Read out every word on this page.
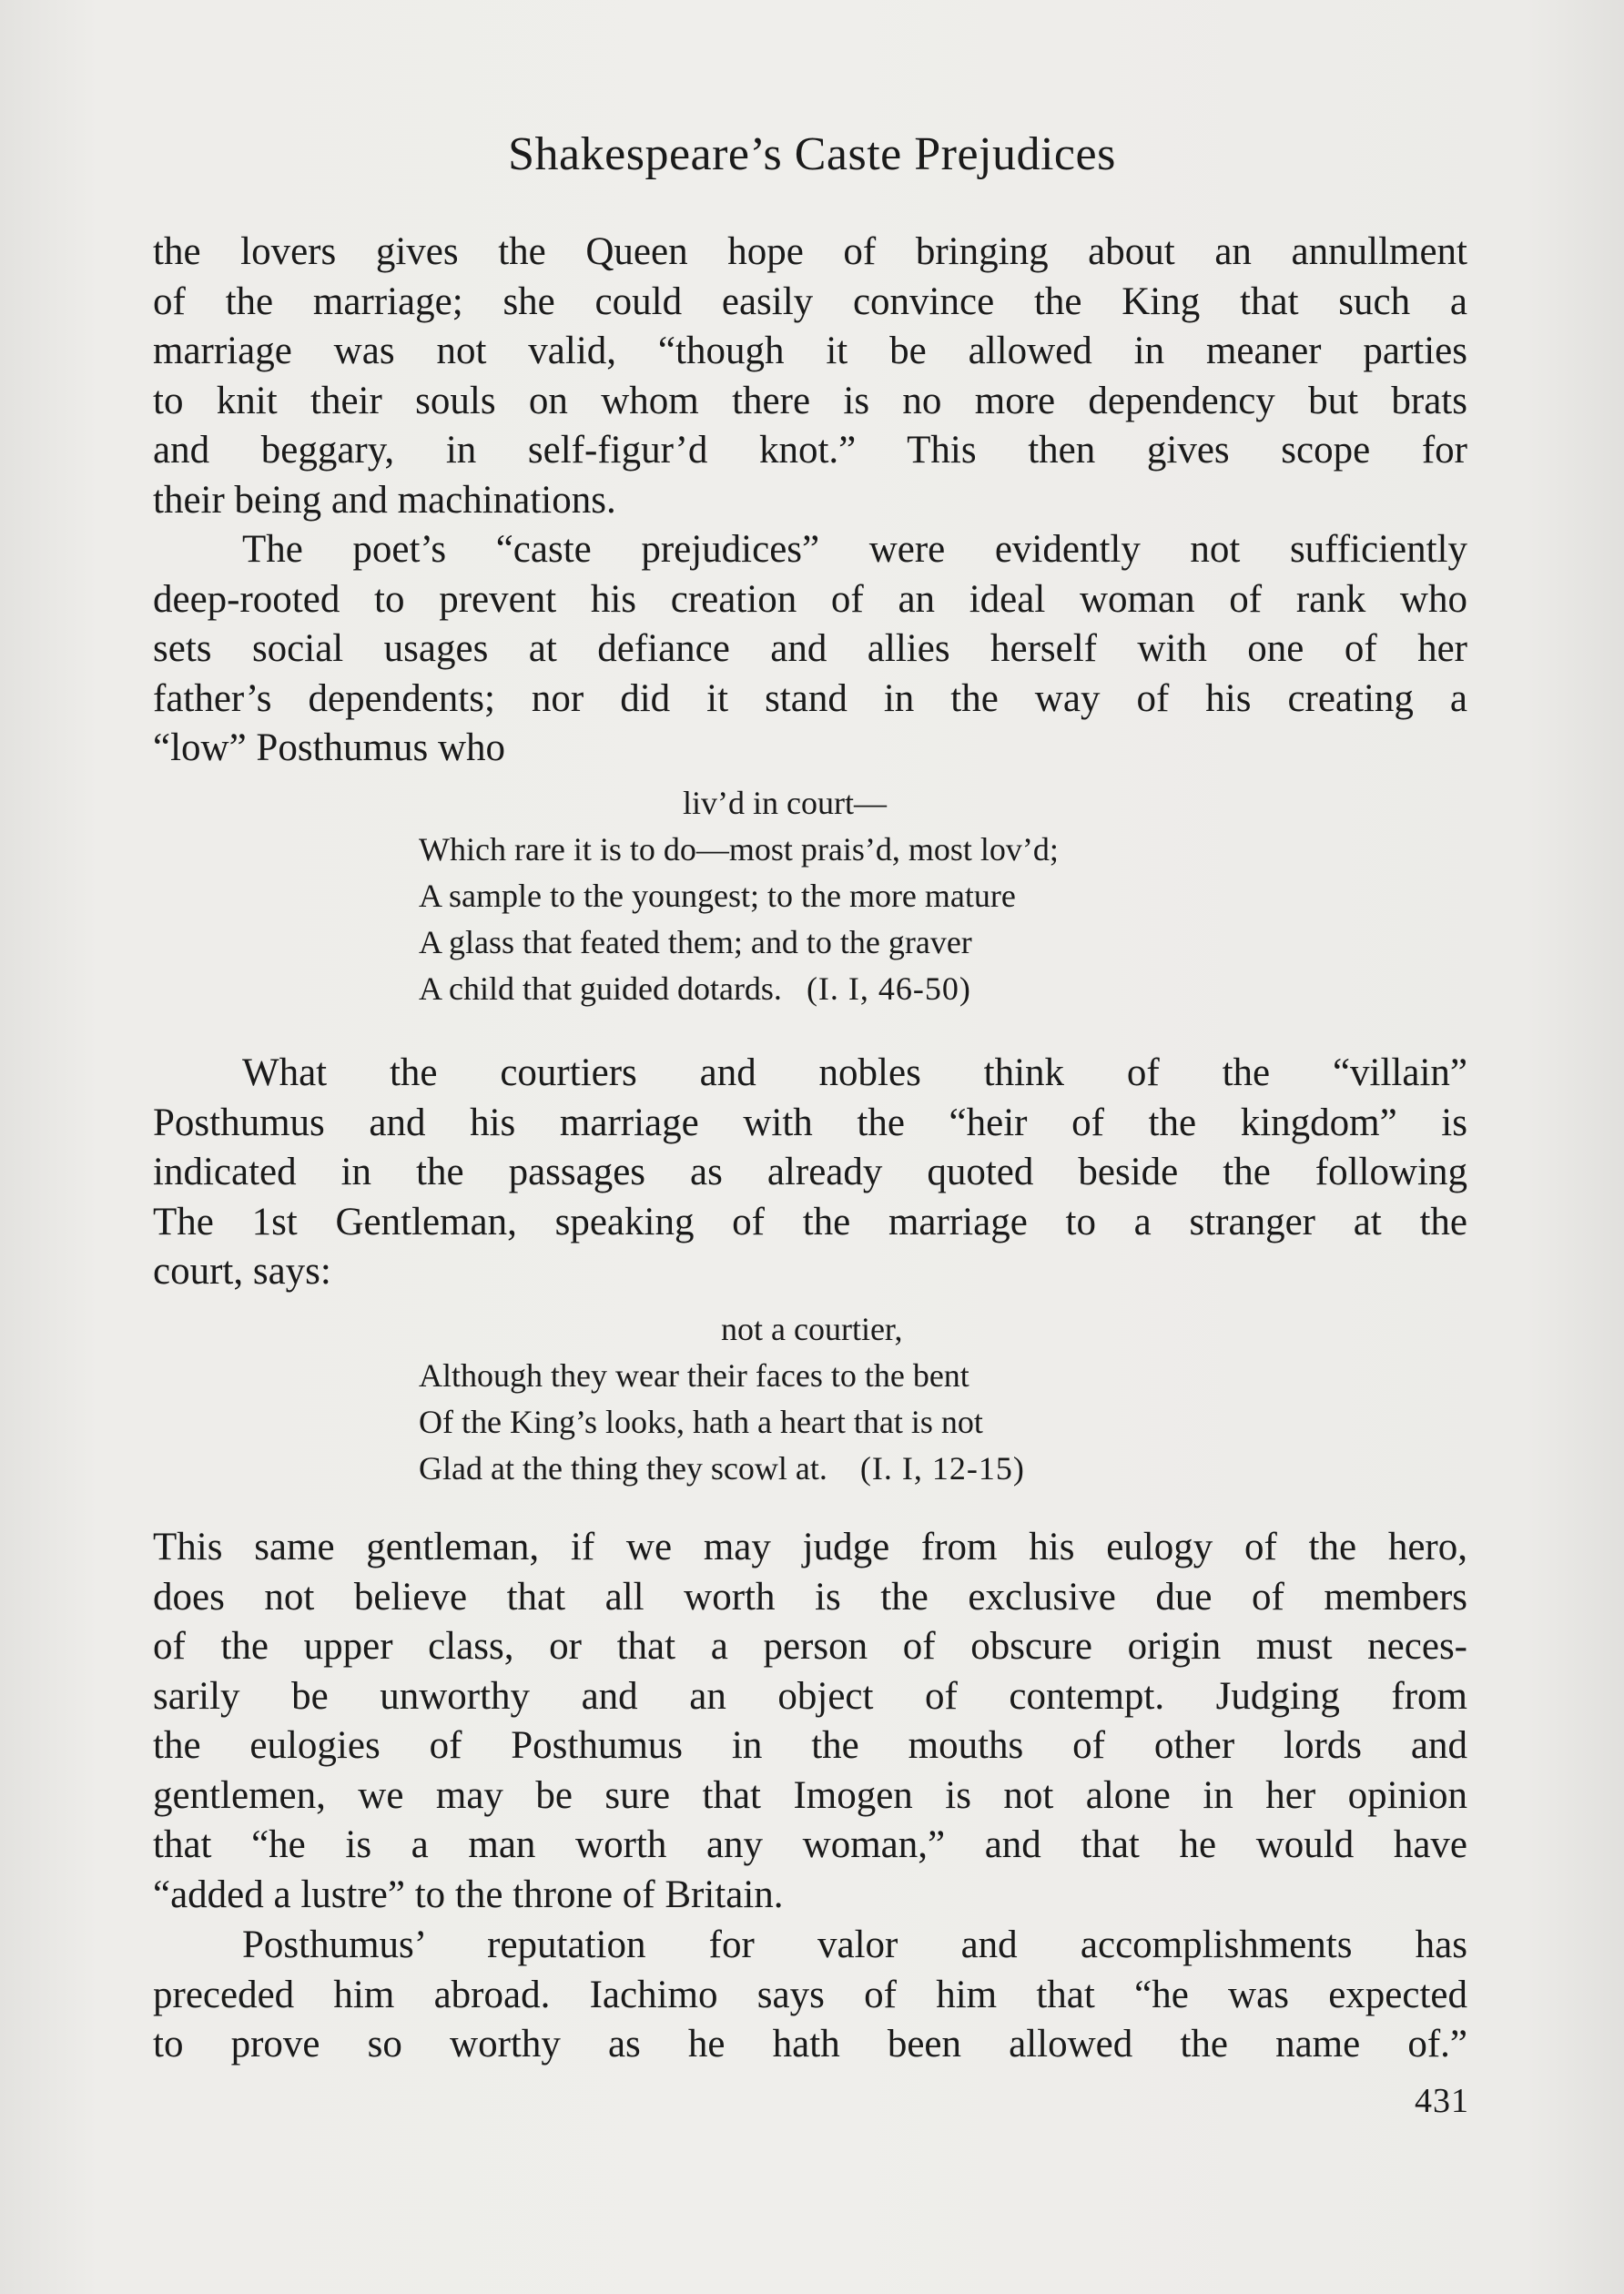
Shakespeare’s Caste Prejudices
the lovers gives the Queen hope of bringing about an annullment
of the marriage; she could easily convince the King that such a
marriage was not valid, “though it be allowed in meaner parties
to knit their souls on whom there is no more dependency but brats
and beggary, in self-figur’d knot.” This then gives scope for
their being and machinations.
The poet’s “caste prejudices” were evidently not sufficiently
deep-rooted to prevent his creation of an ideal woman of rank who
sets social usages at defiance and allies herself with one of her
father’s dependents; nor did it stand in the way of his creating a
“low” Posthumus who
liv’d in court—
Which rare it is to do—most prais’d, most lov’d;
A sample to the youngest; to the more mature
A glass that feated them; and to the graver
A child that guided dotards. (I. I, 46-50)
What the courtiers and nobles think of the “villain”
Posthumus and his marriage with the “heir of the kingdom” is
indicated in the passages as already quoted beside the following
The 1st Gentleman, speaking of the marriage to a stranger at the
court, says:
not a courtier,
Although they wear their faces to the bent
Of the King’s looks, hath a heart that is not
Glad at the thing they scowl at. (I. I, 12-15)
This same gentleman, if we may judge from his eulogy of the hero,
does not believe that all worth is the exclusive due of members
of the upper class, or that a person of obscure origin must neces-
sarily be unworthy and an object of contempt. Judging from
the eulogies of Posthumus in the mouths of other lords and
gentlemen, we may be sure that Imogen is not alone in her opinion
that “he is a man worth any woman,” and that he would have
“added a lustre” to the throne of Britain.
Posthumus’ reputation for valor and accomplishments has
preceded him abroad. Iachimo says of him that “he was expected
to prove so worthy as he hath been allowed the name of.”
431
